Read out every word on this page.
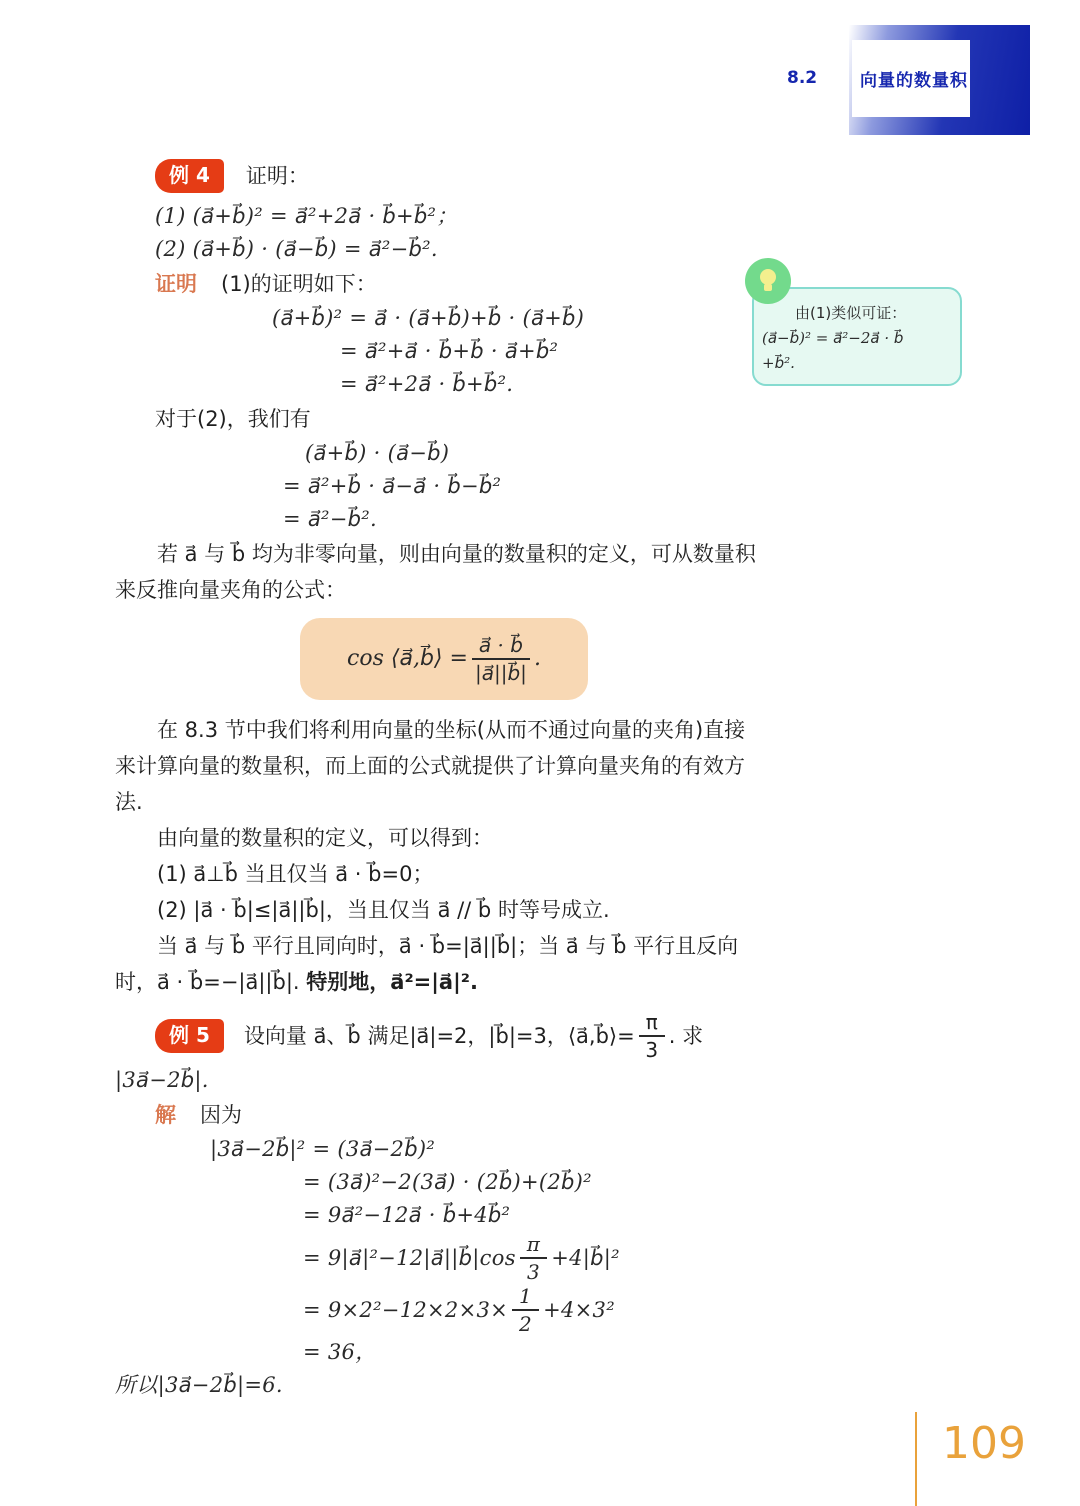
8.2	向量的数量积
由(1)类似可证：
(a⃗−b⃗)² = a⃗²−2a⃗ · b⃗
+b⃗².
例 4	证明：
(1) (a⃗+b⃗)² = a⃗²+2a⃗ · b⃗+b⃗²；
(2) (a⃗+b⃗) · (a⃗−b⃗) = a⃗²−b⃗².
证明 (1)的证明如下：
(a⃗+b⃗)² = a⃗ · (a⃗+b⃗)+b⃗ · (a⃗+b⃗)
= a⃗²+a⃗ · b⃗+b⃗ · a⃗+b⃗²
= a⃗²+2a⃗ · b⃗+b⃗².
对于(2)，我们有
(a⃗+b⃗) · (a⃗−b⃗)
= a⃗²+b⃗ · a⃗−a⃗ · b⃗−b⃗²
= a⃗²−b⃗².

若 a⃗ 与 b⃗ 均为非零向量，则由向量的数量积的定义，可从数量积来反推向量夹角的公式：

cos ⟨a⃗,b⃗⟩ = $\frac{a⃗ \cdot b⃗}{|a⃗||b⃗|}$ .

在 8.3 节中我们将利用向量的坐标(从而不通过向量的夹角)直接来计算向量的数量积，而上面的公式就提供了计算向量夹角的有效方法.

由向量的数量积的定义，可以得到：

(1) a⃗⊥b⃗ 当且仅当 a⃗ · b⃗=0；

(2) |a⃗ · b⃗|≤|a⃗||b⃗|，当且仅当 a⃗ // b⃗ 时等号成立.

当 a⃗ 与 b⃗ 平行且同向时，a⃗ · b⃗=|a⃗||b⃗|；当 a⃗ 与 b⃗ 平行且反向时，a⃗ · b⃗=−|a⃗||b⃗|. 特别地，a⃗²=|a⃗|².

例 5	设向量 a⃗、b⃗ 满足|a⃗|=2，|b⃗|=3，⟨a⃗,b⃗⟩= $\frac{\pi}{3}$ . 求
|3a⃗−2b⃗|.
解 因为
|3a⃗−2b⃗|² = (3a⃗−2b⃗)²
= (3a⃗)²−2(3a⃗) · (2b⃗)+(2b⃗)²
= 9a⃗²−12a⃗ · b⃗+4b⃗²
= 9|a⃗|²−12|a⃗||b⃗|cos $\frac{\pi}{3}$ +4|b⃗|²
= $9\times 2^2-12\times 2\times 3\times \frac{1}{2} +4\times 3^2$
= 36，
所以|3a⃗−2b⃗|=6.
109
